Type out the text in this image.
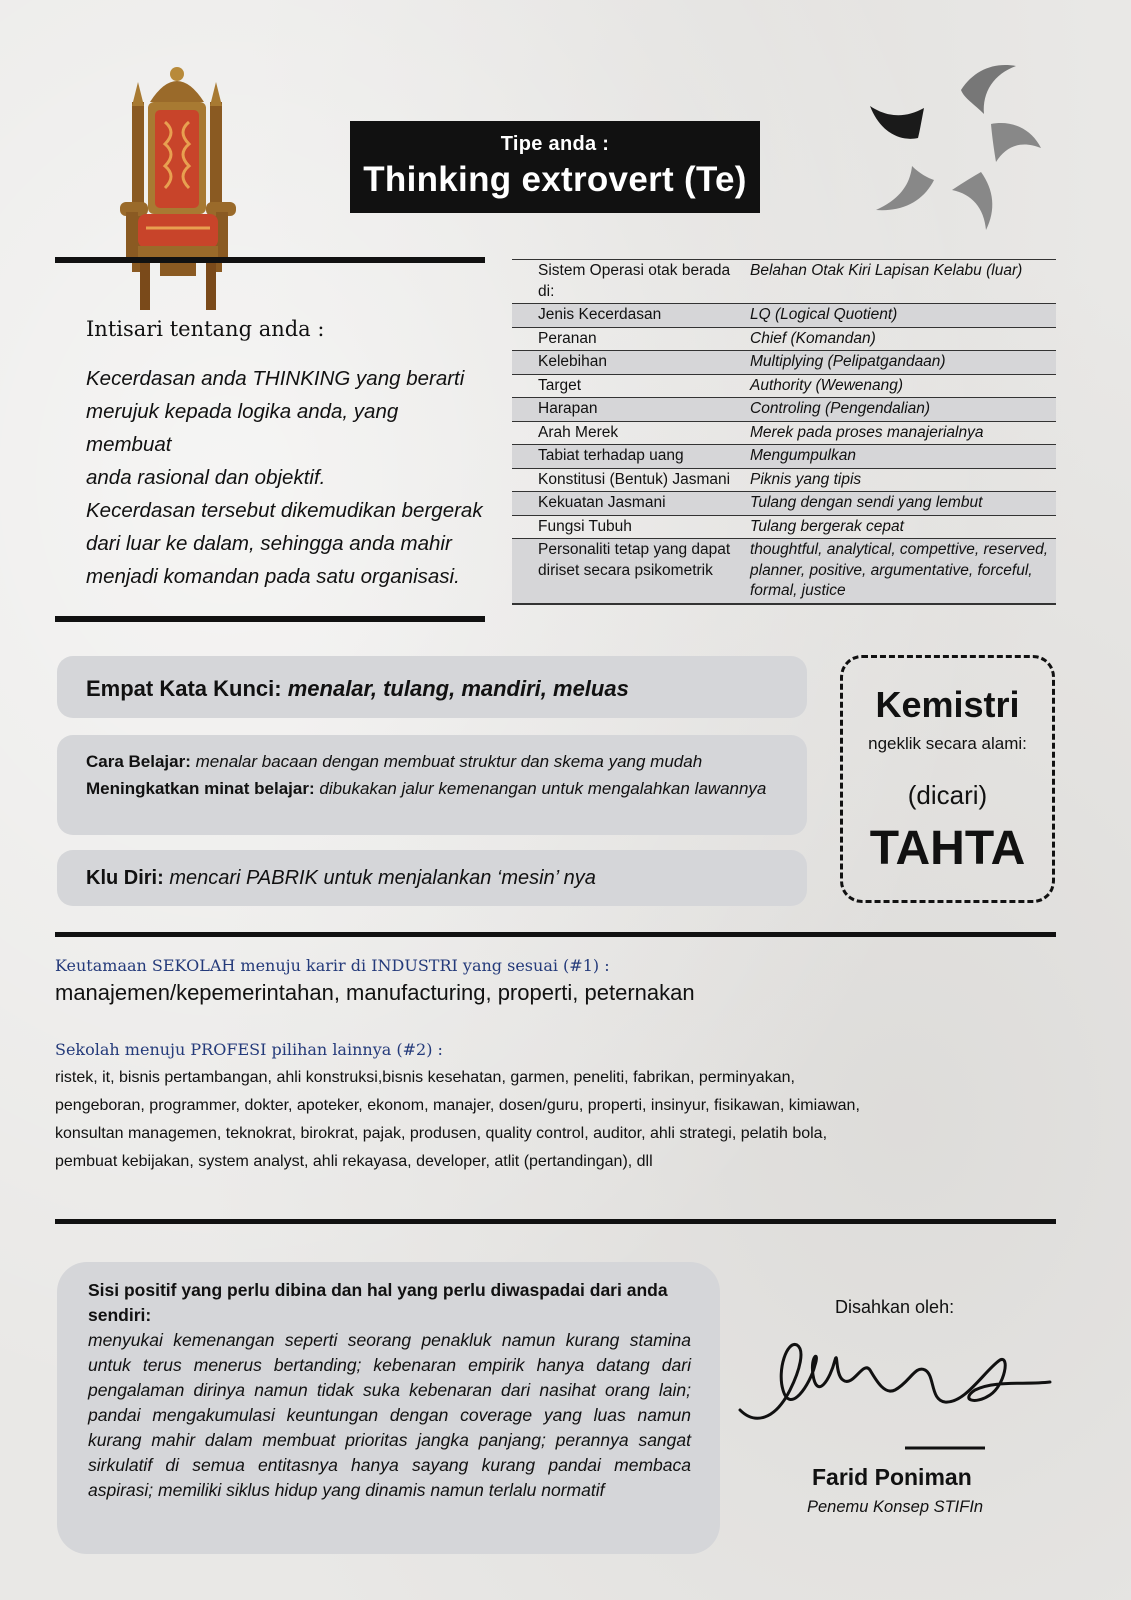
Tipe anda :
Thinking extrovert (Te)
Intisari tentang anda :
Kecerdasan anda THINKING yang berarti
merujuk kepada logika anda, yang membuat
anda rasional dan objektif.
Kecerdasan tersebut dikemudikan bergerak
dari luar ke dalam, sehingga anda mahir
menjadi komandan pada satu organisasi.
Sistem Operasi otak berada di:	Belahan Otak Kiri Lapisan Kelabu (luar)
Jenis Kecerdasan	LQ (Logical Quotient)
Peranan	Chief (Komandan)
Kelebihan	Multiplying (Pelipatgandaan)
Target	Authority (Wewenang)
Harapan	Controling (Pengendalian)
Arah Merek	Merek pada proses manajerialnya
Tabiat terhadap uang	Mengumpulkan
Konstitusi (Bentuk) Jasmani	Piknis yang tipis
Kekuatan Jasmani	Tulang dengan sendi yang lembut
Fungsi Tubuh	Tulang bergerak cepat
Personaliti tetap yang dapat diriset secara psikometrik	thoughtful, analytical, compettive, reserved, planner, positive, argumentative, forceful, formal, justice
Empat Kata Kunci: menalar, tulang, mandiri, meluas
Cara Belajar: menalar bacaan dengan membuat struktur dan skema yang mudah
Meningkatkan minat belajar: dibukakan jalur kemenangan untuk mengalahkan lawannya
Klu Diri: mencari PABRIK untuk menjalankan ‘mesin’ nya
Kemistri
ngeklik secara alami:
(dicari)
TAHTA
Keutamaan SEKOLAH menuju karir di INDUSTRI yang sesuai (#1) :
manajemen/kepemerintahan, manufacturing, properti, peternakan
Sekolah menuju PROFESI pilihan lainnya (#2) :
ristek, it, bisnis pertambangan, ahli konstruksi,bisnis kesehatan, garmen, peneliti, fabrikan, perminyakan, pengeboran, programmer, dokter, apoteker, ekonom, manajer, dosen/guru, properti, insinyur, fisikawan, kimiawan, konsultan managemen, teknokrat, birokrat, pajak, produsen, quality control, auditor, ahli strategi, pelatih bola, pembuat kebijakan, system analyst, ahli rekayasa, developer, atlit (pertandingan), dll
Sisi positif yang perlu dibina dan hal yang perlu diwaspadai dari anda sendiri:
menyukai kemenangan seperti seorang penakluk namun kurang stamina untuk terus menerus bertanding; kebenaran empirik hanya datang dari pengalaman dirinya namun tidak suka kebenaran dari nasihat orang lain; pandai mengakumulasi keuntungan dengan coverage yang luas namun kurang mahir dalam membuat prioritas jangka panjang; perannya sangat sirkulatif di semua entitasnya hanya sayang kurang pandai membaca aspirasi; memiliki siklus hidup yang dinamis namun terlalu normatif
Disahkan oleh:
Farid Poniman
Penemu Konsep STIFIn
